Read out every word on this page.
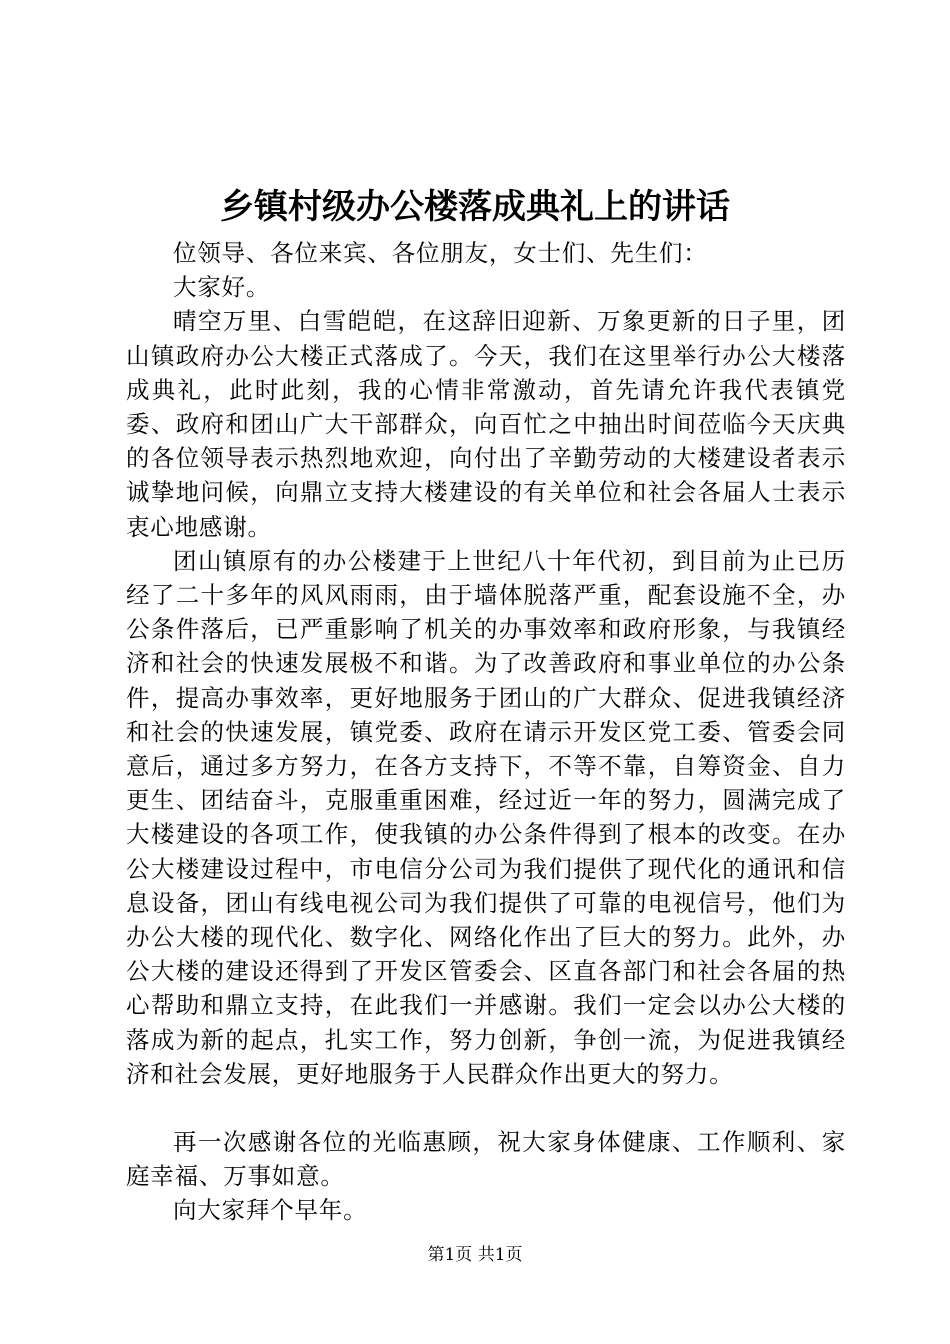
乡镇村级办公楼落成典礼上的讲话

位领导、各位来宾、各位朋友，女士们、先生们：

大家好。

晴空万里、白雪皑皑，在这辞旧迎新、万象更新的日子里，团山镇政府办公大楼正式落成了。今天，我们在这里举行办公大楼落成典礼，此时此刻，我的心情非常激动，首先请允许我代表镇党委、政府和团山广大干部群众，向百忙之中抽出时间莅临今天庆典的各位领导表示热烈地欢迎，向付出了辛勤劳动的大楼建设者表示诚挚地问候，向鼎立支持大楼建设的有关单位和社会各届人士表示衷心地感谢。

团山镇原有的办公楼建于上世纪八十年代初，到目前为止已历经了二十多年的风风雨雨，由于墙体脱落严重，配套设施不全，办公条件落后，已严重影响了机关的办事效率和政府形象，与我镇经济和社会的快速发展极不和谐。为了改善政府和事业单位的办公条件，提高办事效率，更好地服务于团山的广大群众、促进我镇经济和社会的快速发展，镇党委、政府在请示开发区党工委、管委会同意后，通过多方努力，在各方支持下，不等不靠，自筹资金、自力更生、团结奋斗，克服重重困难，经过近一年的努力，圆满完成了大楼建设的各项工作，使我镇的办公条件得到了根本的改变。在办公大楼建设过程中，市电信分公司为我们提供了现代化的通讯和信息设备，团山有线电视公司为我们提供了可靠的电视信号，他们为办公大楼的现代化、数字化、网络化作出了巨大的努力。此外，办公大楼的建设还得到了开发区管委会、区直各部门和社会各届的热心帮助和鼎立支持，在此我们一并感谢。我们一定会以办公大楼的落成为新的起点，扎实工作，努力创新，争创一流，为促进我镇经济和社会发展，更好地服务于人民群众作出更大的努力。

再一次感谢各位的光临惠顾，祝大家身体健康、工作顺利、家庭幸福、万事如意。

向大家拜个早年。

第1页 共1页
